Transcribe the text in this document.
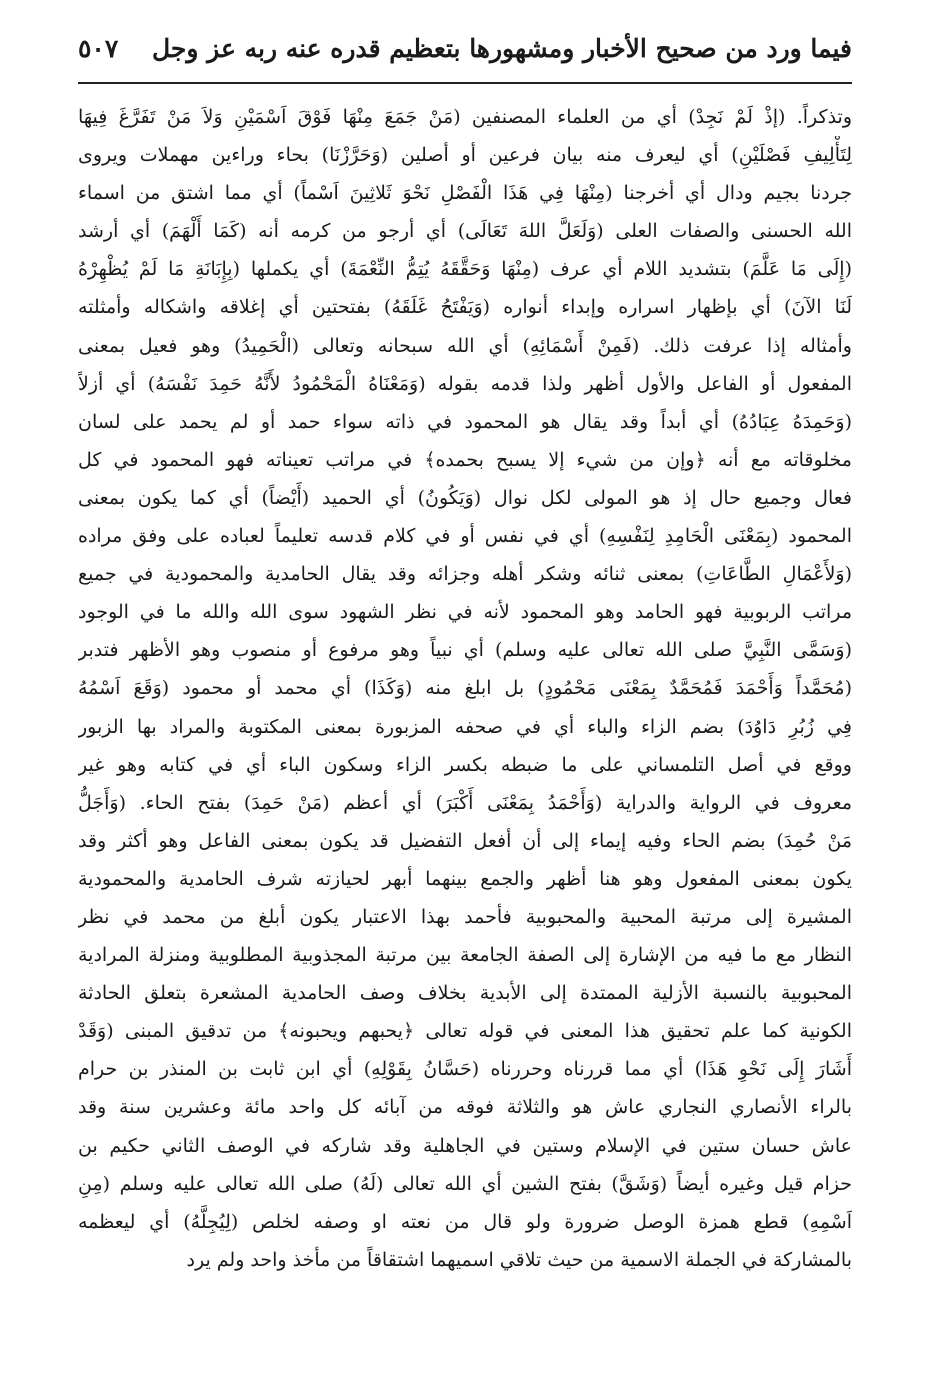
فيما ورد من صحيح الأخبار ومشهورها بتعظيم قدره عنه ربه عز وجل
٥٠٧
وتذكراً. (إذْ لَمْ نَجِدْ) أي من العلماء المصنفين (مَنْ جَمَعَ مِنْهَا فَوْقَ اَسْمَيْنِ وَلاَ مَنْ تَفَرَّغَ فِيهَا
لِتَأْلِيفِ فَصْلَيْنِ) أي ليعرف منه بيان فرعين أو أصلين (وَحَرَّزْنَا) بحاء وراءين مهملات ويروى
جردنا بجيم ودال أي أخرجنا (مِنْهَا فِي هَذَا الْفَصْلِ نَحْوَ ثَلاثِينَ اَسْماً) أي مما اشتق من اسماء
الله الحسنى والصفات العلى (وَلَعَلَّ اللهَ تَعَالَى) أي أرجو من كرمه أنه (كَمَا أَلْهَمَ) أي أرشد
(إِلَى مَا عَلَّمَ) بتشديد اللام أي عرف (مِنْهَا وَحَقَّقَهُ يُتِمُّ النِّعْمَةَ) أي يكملها (بِإِبَانَةِ مَا لَمْ يُظْهِرْهُ
لَنَا الآنَ) أي بإظهار اسراره وإبداء أنواره (وَيَفْتَحُ غَلَقَهُ) بفتحتين أي إغلاقه واشكاله وأمثلته
وأمثاله إذا عرفت ذلك. (فَمِنْ أَسْمَائِهِ) أي الله سبحانه وتعالى (الْحَمِيدُ) وهو فعيل بمعنى
المفعول أو الفاعل والأول أظهر ولذا قدمه بقوله (وَمَعْنَاهُ الْمَحْمُودُ لأَنَّهُ حَمِدَ نَفْسَهُ) أي أزلاً
(وَحَمِدَهُ عِبَادُهُ) أي أبداً وقد يقال هو المحمود في ذاته سواء حمد أو لم يحمد على لسان
مخلوقاته مع أنه ﴿وإن من شيء إلا يسبح بحمده﴾ في مراتب تعيناته فهو المحمود في كل
فعال وجميع حال إذ هو المولى لكل نوال (وَيَكُونُ) أي الحميد (أَيْضاً) أي كما يكون بمعنى
المحمود (بِمَعْنَى الْحَامِدِ لِنَفْسِهِ) أي في نفس أو في كلام قدسه تعليماً لعباده على وفق مراده
(وَلأَعْمَالِ الطَّاعَاتِ) بمعنى ثنائه وشكر أهله وجزائه وقد يقال الحامدية والمحمودية في جميع
مراتب الربوبية فهو الحامد وهو المحمود لأنه في نظر الشهود سوى الله والله ما في الوجود
(وَسَمَّى النَّبِيَّ صلى الله تعالى عليه وسلم) أي نبياً وهو مرفوع أو منصوب وهو الأظهر فتدبر
(مُحَمَّداً وَأَحْمَدَ فَمُحَمَّدٌ بِمَعْنَى مَحْمُودٍ) بل ابلغ منه (وَكَذَا) أي محمد أو محمود (وَقَعَ اَسْمُهُ
فِي زُبُرِ دَاوُدَ) بضم الزاء والباء أي في صحفه المزبورة بمعنى المكتوبة والمراد بها الزبور
ووقع في أصل التلمساني على ما ضبطه بكسر الزاء وسكون الباء أي في كتابه وهو غير
معروف في الرواية والدراية (وَأَحْمَدُ بِمَعْنَى أَكْبَرَ) أي أعظم (مَنْ حَمِدَ) بفتح الحاء. (وَأَجَلُّ
مَنْ حُمِدَ) بضم الحاء وفيه إيماء إلى أن أفعل التفضيل قد يكون بمعنى الفاعل وهو أكثر وقد
يكون بمعنى المفعول وهو هنا أظهر والجمع بينهما أبهر لحيازته شرف الحامدية والمحمودية
المشيرة إلى مرتبة المحبية والمحبوبية فأحمد بهذا الاعتبار يكون أبلغ من محمد في نظر
النظار مع ما فيه من الإشارة إلى الصفة الجامعة بين مرتبة المجذوبية المطلوبية ومنزلة المرادية
المحبوبية بالنسبة الأزلية الممتدة إلى الأبدية بخلاف وصف الحامدية المشعرة بتعلق الحادثة
الكونية كما علم تحقيق هذا المعنى في قوله تعالى ﴿يحبهم ويحبونه﴾ من تدقيق المبنى (وَقَدْ
أَشَارَ إِلَى نَحْوِ هَذَا) أي مما قررناه وحررناه (حَسَّانُ بِقَوْلِهِ) أي ابن ثابت بن المنذر بن حرام
بالراء الأنصاري النجاري عاش هو والثلاثة فوقه من آبائه كل واحد مائة وعشرين سنة وقد
عاش حسان ستين في الإسلام وستين في الجاهلية وقد شاركه في الوصف الثاني حكيم بن
حزام قيل وغيره أيضاً (وَشَقَّ) بفتح الشين أي الله تعالى (لَهُ) صلى الله تعالى عليه وسلم (مِنِ
اَسْمِهِ) قطع همزة الوصل ضرورة ولو قال من نعته او وصفه لخلص (لِيُجِلَّهُ) أي ليعظمه
بالمشاركة في الجملة الاسمية من حيث تلاقي اسميهما اشتقاقاً من مأخذ واحد ولم يرد
